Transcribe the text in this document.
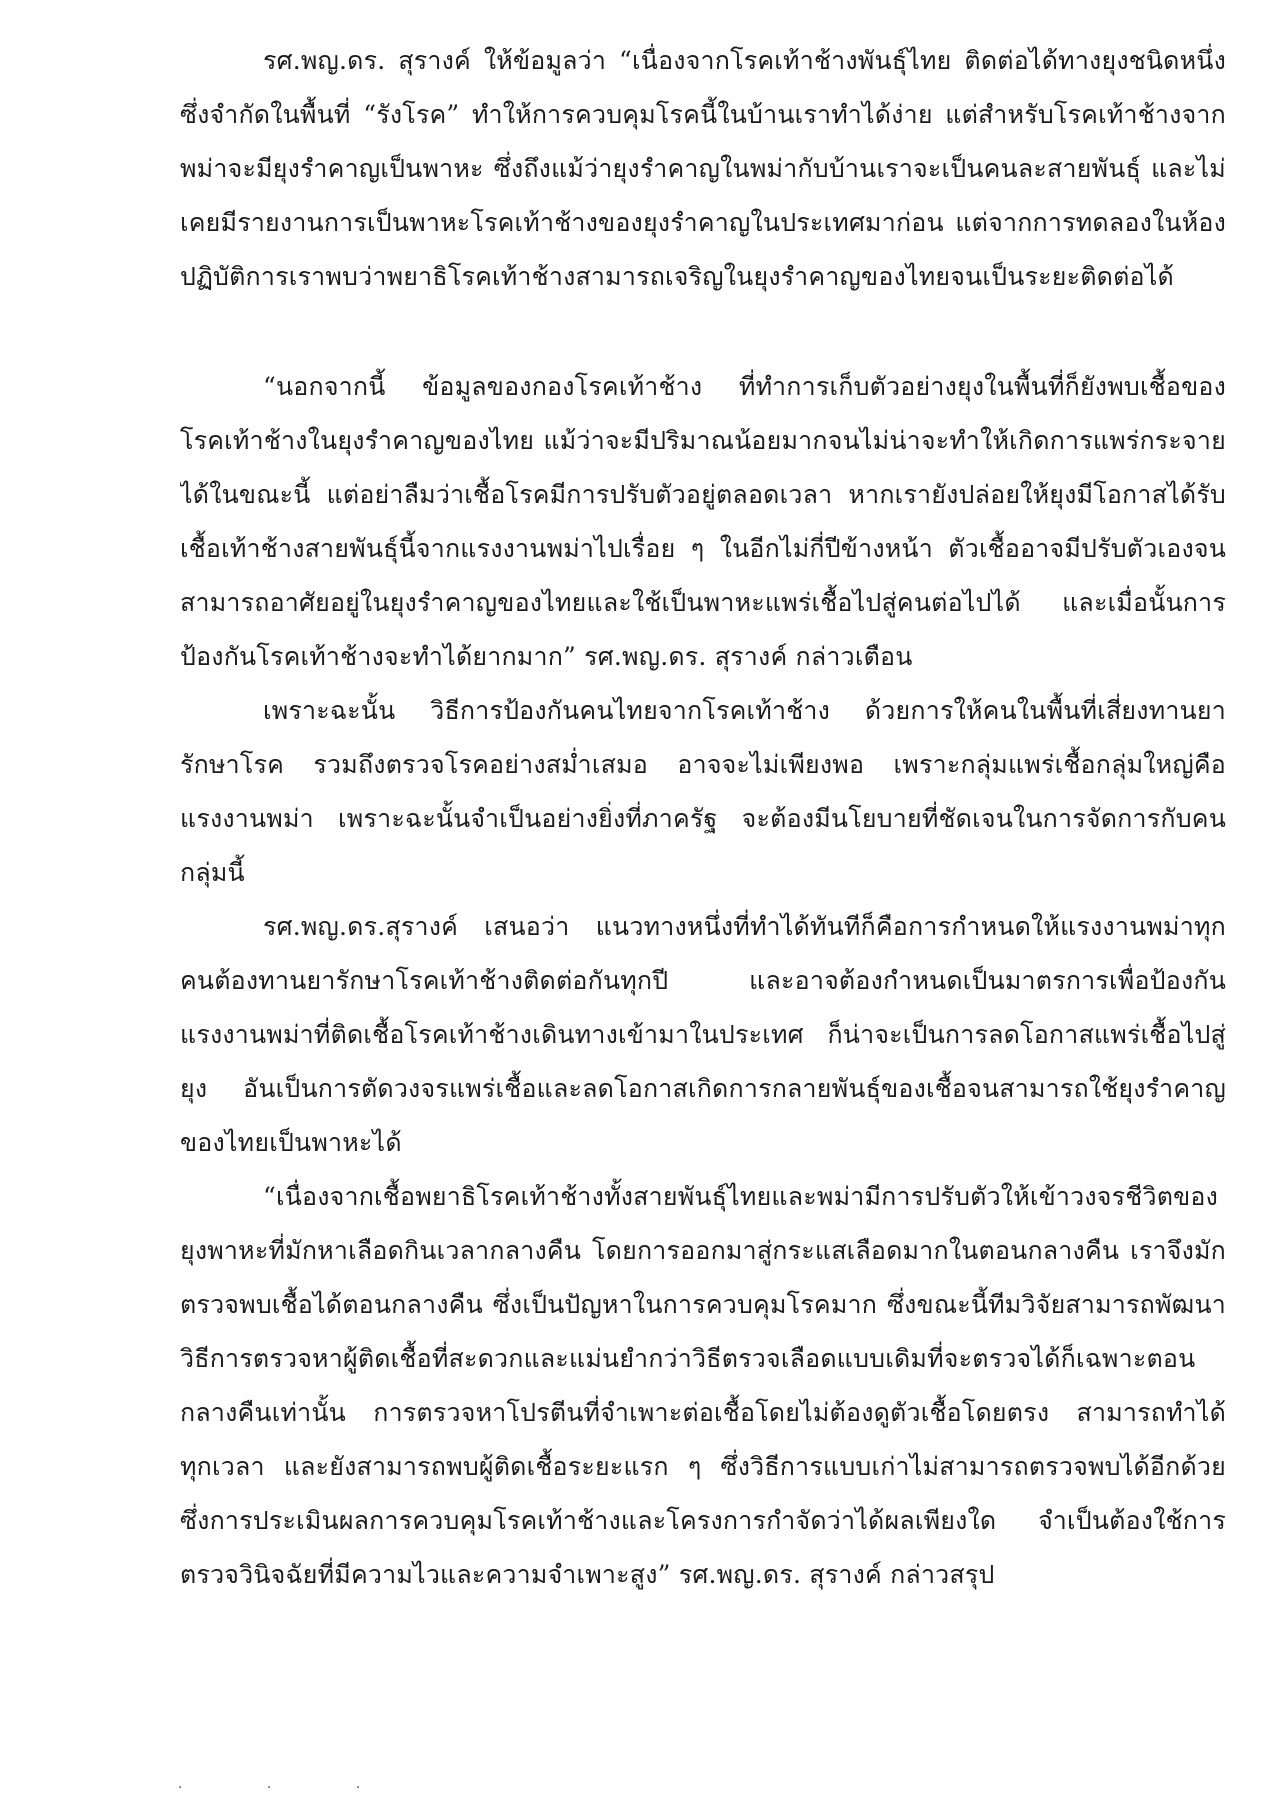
รศ.พญ.ดร. สุรางค์ ให้ข้อมูลว่า “เนื่องจากโรคเท้าช้างพันธุ์ไทย ติดต่อได้ทางยุงชนิดหนึ่ง
ซึ่งจำกัดในพื้นที่ “รังโรค” ทำให้การควบคุมโรคนี้ในบ้านเราทำได้ง่าย แต่สำหรับโรคเท้าช้างจาก
พม่าจะมียุงรำคาญเป็นพาหะ ซึ่งถึงแม้ว่ายุงรำคาญในพม่ากับบ้านเราจะเป็นคนละสายพันธุ์ และไม่
เคยมีรายงานการเป็นพาหะโรคเท้าช้างของยุงรำคาญในประเทศมาก่อน แต่จากการทดลองในห้อง
ปฏิบัติการเราพบว่าพยาธิโรคเท้าช้างสามารถเจริญในยุงรำคาญของไทยจนเป็นระยะติดต่อได้
“นอกจากนี้ ข้อมูลของกองโรคเท้าช้าง ที่ทำการเก็บตัวอย่างยุงในพื้นที่ก็ยังพบเชื้อของ
โรคเท้าช้างในยุงรำคาญของไทย แม้ว่าจะมีปริมาณน้อยมากจนไม่น่าจะทำให้เกิดการแพร่กระจาย
ได้ในขณะนี้ แต่อย่าลืมว่าเชื้อโรคมีการปรับตัวอยู่ตลอดเวลา หากเรายังปล่อยให้ยุงมีโอกาสได้รับ
เชื้อเท้าช้างสายพันธุ์นี้จากแรงงานพม่าไปเรื่อย ๆ ในอีกไม่กี่ปีข้างหน้า ตัวเชื้ออาจมีปรับตัวเองจน
สามารถอาศัยอยู่ในยุงรำคาญของไทยและใช้เป็นพาหะแพร่เชื้อไปสู่คนต่อไปได้ และเมื่อนั้นการ
ป้องกันโรคเท้าช้างจะทำได้ยากมาก” รศ.พญ.ดร. สุรางค์ กล่าวเตือน
เพราะฉะนั้น วิธีการป้องกันคนไทยจากโรคเท้าช้าง ด้วยการให้คนในพื้นที่เสี่ยงทานยา
รักษาโรค รวมถึงตรวจโรคอย่างสม่ำเสมอ อาจจะไม่เพียงพอ เพราะกลุ่มแพร่เชื้อกลุ่มใหญ่คือ
แรงงานพม่า เพราะฉะนั้นจำเป็นอย่างยิ่งที่ภาครัฐ จะต้องมีนโยบายที่ชัดเจนในการจัดการกับคน
กลุ่มนี้
รศ.พญ.ดร.สุรางค์ เสนอว่า แนวทางหนึ่งที่ทำได้ทันทีก็คือการกำหนดให้แรงงานพม่าทุก
คนต้องทานยารักษาโรคเท้าช้างติดต่อกันทุกปี และอาจต้องกำหนดเป็นมาตรการเพื่อป้องกัน
แรงงานพม่าที่ติดเชื้อโรคเท้าช้างเดินทางเข้ามาในประเทศ ก็น่าจะเป็นการลดโอกาสแพร่เชื้อไปสู่
ยุง อันเป็นการตัดวงจรแพร่เชื้อและลดโอกาสเกิดการกลายพันธุ์ของเชื้อจนสามารถใช้ยุงรำคาญ
ของไทยเป็นพาหะได้
“เนื่องจากเชื้อพยาธิโรคเท้าช้างทั้งสายพันธุ์ไทยและพม่ามีการปรับตัวให้เข้าวงจรชีวิตของ
ยุงพาหะที่มักหาเลือดกินเวลากลางคืน โดยการออกมาสู่กระแสเลือดมากในตอนกลางคืน เราจึงมัก
ตรวจพบเชื้อได้ตอนกลางคืน ซึ่งเป็นปัญหาในการควบคุมโรคมาก ซึ่งขณะนี้ทีมวิจัยสามารถพัฒนา
วิธีการตรวจหาผู้ติดเชื้อที่สะดวกและแม่นยำกว่าวิธีตรวจเลือดแบบเดิมที่จะตรวจได้ก็เฉพาะตอน
กลางคืนเท่านั้น การตรวจหาโปรตีนที่จำเพาะต่อเชื้อโดยไม่ต้องดูตัวเชื้อโดยตรง สามารถทำได้
ทุกเวลา และยังสามารถพบผู้ติดเชื้อระยะแรก ๆ ซึ่งวิธีการแบบเก่าไม่สามารถตรวจพบได้อีกด้วย
ซึ่งการประเมินผลการควบคุมโรคเท้าช้างและโครงการกำจัดว่าได้ผลเพียงใด จำเป็นต้องใช้การ
ตรวจวินิจฉัยที่มีความไวและความจำเพาะสูง” รศ.พญ.ดร. สุรางค์ กล่าวสรุป
· · ·
